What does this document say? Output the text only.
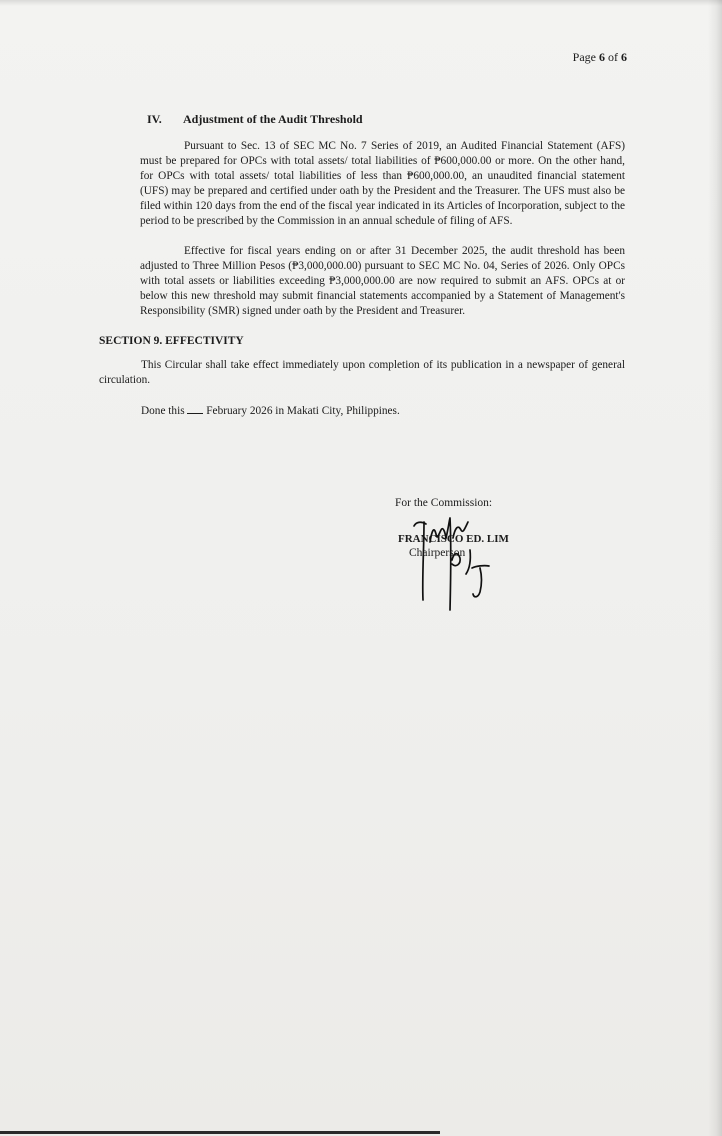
Page 6 of 6
IV.	Adjustment of the Audit Threshold

Pursuant to Sec. 13 of SEC MC No. 7 Series of 2019, an Audited Financial Statement (AFS) must be prepared for OPCs with total assets/ total liabilities of ₱600,000.00 or more. On the other hand, for OPCs with total assets/ total liabilities of less than ₱600,000.00, an unaudited financial statement (UFS) may be prepared and certified under oath by the President and the Treasurer. The UFS must also be filed within 120 days from the end of the fiscal year indicated in its Articles of Incorporation, subject to the period to be prescribed by the Commission in an annual schedule of filing of AFS.

Effective for fiscal years ending on or after 31 December 2025, the audit threshold has been adjusted to Three Million Pesos (₱3,000,000.00) pursuant to SEC MC No. 04, Series of 2026. Only OPCs with total assets or liabilities exceeding ₱3,000,000.00 are now required to submit an AFS. OPCs at or below this new threshold may submit financial statements accompanied by a Statement of Management's Responsibility (SMR) signed under oath by the President and Treasurer.

SECTION 9. EFFECTIVITY

This Circular shall take effect immediately upon completion of its publication in a newspaper of general circulation.

Done this  February 2026 in Makati City, Philippines.

For the Commission:
FRANCISCO ED. LIM
Chairperson
